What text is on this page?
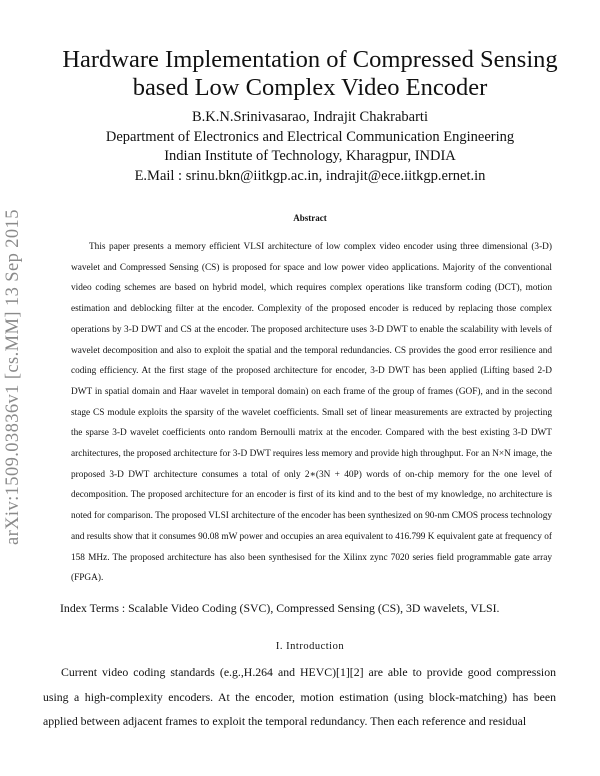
arXiv:1509.03836v1 [cs.MM] 13 Sep 2015
Hardware Implementation of Compressed Sensing
based Low Complex Video Encoder
B.K.N.Srinivasarao, Indrajit Chakrabarti
Department of Electronics and Electrical Communication Engineering
Indian Institute of Technology, Kharagpur, INDIA
E.Mail : srinu.bkn@iitkgp.ac.in, indrajit@ece.iitkgp.ernet.in
Abstract

This paper presents a memory efficient VLSI architecture of low complex video encoder using three dimensional (3-D) wavelet and Compressed Sensing (CS) is proposed for space and low power video applications. Majority of the conventional video coding schemes are based on hybrid model, which requires complex operations like transform coding (DCT), motion estimation and deblocking filter at the encoder. Complexity of the proposed encoder is reduced by replacing those complex operations by 3-D DWT and CS at the encoder. The proposed architecture uses 3-D DWT to enable the scalability with levels of wavelet decomposition and also to exploit the spatial and the temporal redundancies. CS provides the good error resilience and coding efficiency. At the first stage of the proposed architecture for encoder, 3-D DWT has been applied (Lifting based 2-D DWT in spatial domain and Haar wavelet in temporal domain) on each frame of the group of frames (GOF), and in the second stage CS module exploits the sparsity of the wavelet coefficients. Small set of linear measurements are extracted by projecting the sparse 3-D wavelet coefficients onto random Bernoulli matrix at the encoder. Compared with the best existing 3-D DWT architectures, the proposed architecture for 3-D DWT requires less memory and provide high throughput. For an N×N image, the proposed 3-D DWT architecture consumes a total of only 2∗(3N + 40P) words of on-chip memory for the one level of decomposition. The proposed architecture for an encoder is first of its kind and to the best of my knowledge, no architecture is noted for comparison. The proposed VLSI architecture of the encoder has been synthesized on 90-nm CMOS process technology and results show that it consumes 90.08 mW power and occupies an area equivalent to 416.799 K equivalent gate at frequency of 158 MHz. The proposed architecture has also been synthesised for the Xilinx zync 7020 series field programmable gate array (FPGA).

Index Terms : Scalable Video Coding (SVC), Compressed Sensing (CS), 3D wavelets, VLSI.
I. Introduction

Current video coding standards (e.g.,H.264 and HEVC)[1][2] are able to provide good compression using a high-complexity encoders. At the encoder, motion estimation (using block-matching) has been applied between adjacent frames to exploit the temporal redundancy. Then each reference and residual
